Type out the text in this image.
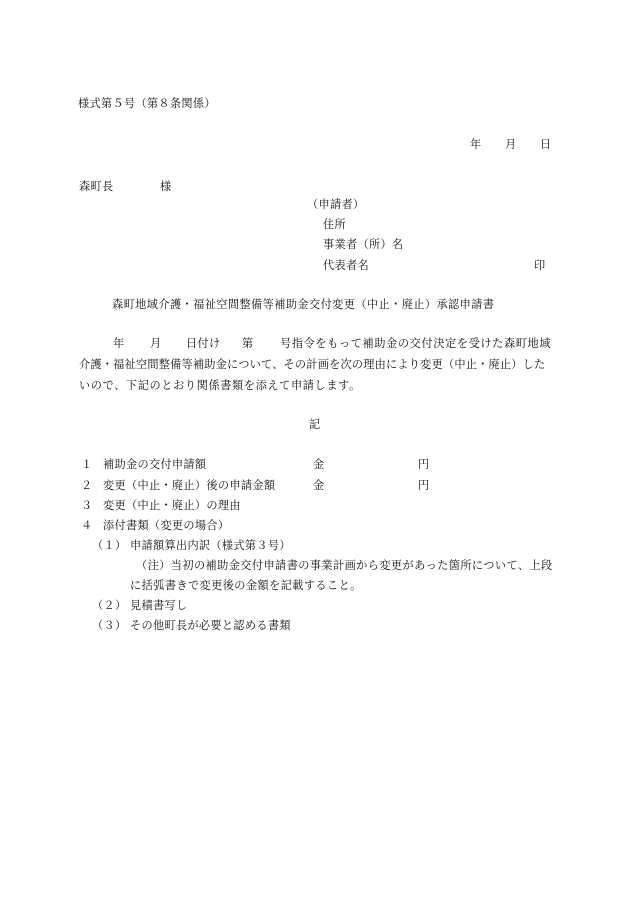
様式第５号（第８条関係）
年 月 日
森町長	様
（申請者）
住所
事業者（所）名
代表者名	印
森町地域介護・福祉空間整備等補助金交付変更（中止・廃止）承認申請書
年 月 日付け 第 号指令をもって補助金の交付決定を受けた森町地域
介護・福祉空間整備等補助金について、その計画を次の理由により変更（中止・廃止）した
いので、下記のとおり関係書類を添えて申請します。
記
１ 補助金の交付申請額	金	円
２ 変更（中止・廃止）後の申請金額	金	円
３ 変更（中止・廃止）の理由
４ 添付書類（変更の場合）
（１） 申請額算出内訳（様式第３号）
（注）当初の補助金交付申請書の事業計画から変更があった箇所について、上段
に括弧書きで変更後の金額を記載すること。
（２） 見積書写し
（３） その他町長が必要と認める書類
